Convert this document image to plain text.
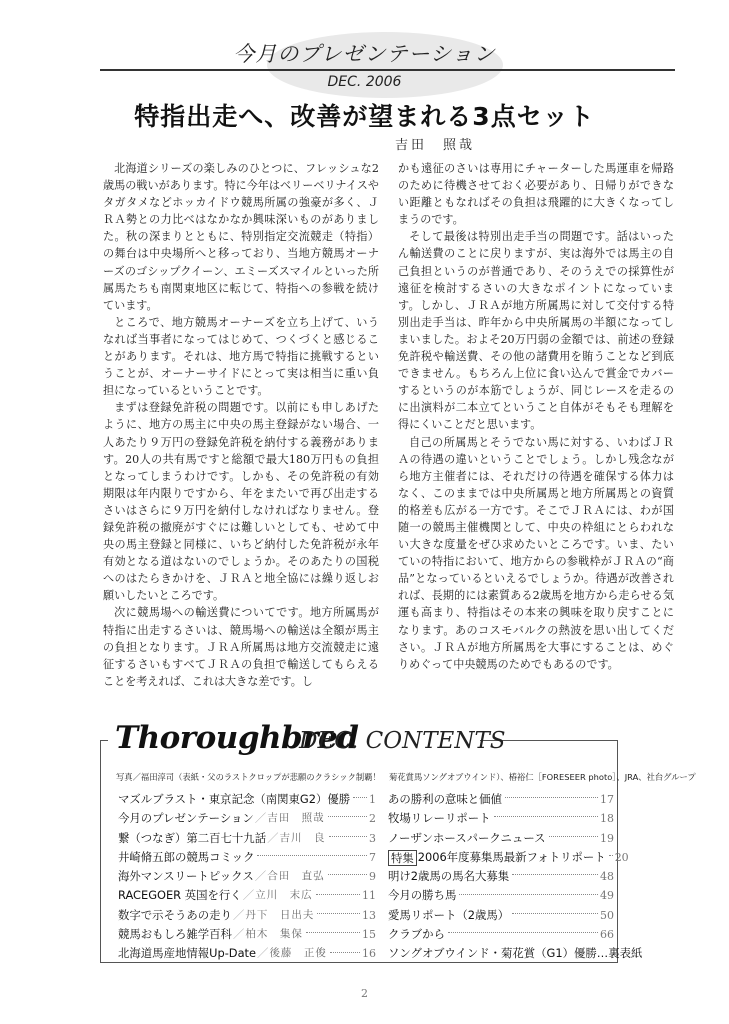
今月のプレゼンテーション
DEC. 2006
特指出走へ、改善が望まれる3点セット
吉田　照哉

北海道シリーズの楽しみのひとつに、フレッシュな2歳馬の戦いがあります。特に今年はベリーベリナイスやタガタメなどホッカイドウ競馬所属の強豪が多く、ＪＲＡ勢との力比べはなかなか興味深いものがありました。秋の深まりとともに、特別指定交流競走（特指）の舞台は中央場所へと移っており、当地方競馬オーナーズのゴシップクイーン、エミーズスマイルといった所属馬たちも南関東地区に転じて、特指への参戦を続けています。

ところで、地方競馬オーナーズを立ち上げて、いうなれば当事者になってはじめて、つくづくと感じることがあります。それは、地方馬で特指に挑戦するということが、オーナーサイドにとって実は相当に重い負担になっているということです。

まずは登録免許税の問題です。以前にも申しあげたように、地方の馬主に中央の馬主登録がない場合、一人あたり９万円の登録免許税を納付する義務があります。20人の共有馬ですと総額で最大180万円もの負担となってしまうわけです。しかも、その免許税の有効期限は年内限りですから、年をまたいで再び出走するさいはさらに９万円を納付しなければなりません。登録免許税の撤廃がすぐには難しいとしても、せめて中央の馬主登録と同様に、いちど納付した免許税が永年有効となる道はないのでしょうか。そのあたりの国税へのはたらきかけを、ＪＲＡと地全協には繰り返しお願いしたいところです。

次に競馬場への輸送費についてです。地方所属馬が特指に出走するさいは、競馬場への輸送は全額が馬主の負担となります。ＪＲＡ所属馬は地方交流競走に遠征するさいもすべてＪＲＡの負担で輸送してもらえることを考えれば、これは大きな差です。し

かも遠征のさいは専用にチャーターした馬運車を帰路のために待機させておく必要があり、日帰りができない距離ともなればその負担は飛躍的に大きくなってしまうのです。

そして最後は特別出走手当の問題です。話はいったん輸送費のことに戻りますが、実は海外では馬主の自己負担というのが普通であり、そのうえでの採算性が遠征を検討するさいの大きなポイントになっています。しかし、ＪＲＡが地方所属馬に対して交付する特別出走手当は、昨年から中央所属馬の半額になってしまいました。およそ20万円弱の金額では、前述の登録免許税や輸送費、その他の諸費用を賄うことなど到底できません。もちろん上位に食い込んで賞金でカバーするというのが本筋でしょうが、同じレースを走るのに出演料が二本立てということ自体がそもそも理解を得にくいことだと思います。

自己の所属馬とそうでない馬に対する、いわばＪＲＡの待遇の違いということでしょう。しかし残念ながら地方主催者には、それだけの待遇を確保する体力はなく、このままでは中央所属馬と地方所属馬との資質的格差も広がる一方です。そこでＪＲＡには、わが国随一の競馬主催機関として、中央の枠組にとらわれない大きな度量をぜひ求めたいところです。いま、たいていの特指において、地方からの参戦枠がＪＲＡの“商品”となっているといえるでしょうか。待遇が改善されれば、長期的には素質ある2歳馬を地方から走らせる気運も高まり、特指はその本来の興味を取り戻すことになります。あのコスモバルクの熱波を思い出してください。ＪＲＡが地方所属馬を大事にすることは、めぐりめぐって中央競馬のためでもあるのです。

Thoroughbred
DEC. CONTENTS
写真／福田淳司（表紙・父のラストクロップが悲願のクラシック制覇！　菊花賞馬ソングオブウインド）、椿裕仁［FORESEER photo］、JRA、社台グループ
マズルブラスト・東京記念（南関東G2）優勝 1
今月のプレゼンテーション ／ 吉田　照哉	2
繋（つなぎ）第二百七十九話 ／ 吉川　良	3
井崎脩五郎の競馬コミック	7
海外マンスリートピックス ／ 合田　直弘	9
RACEGOER 英国を行く ／ 立川　末広	11
数字で示そうあの走り ／ 丹下　日出夫	13
競馬おもしろ雑学百科 ／ 柏木　集保	15
北海道馬産地情報Up-Date ／ 後藤　正俊	16
あの勝利の意味と価値	17
牧場リレーリポート	18
ノーザンホースパークニュース	19
特集 2006年度募集馬最新フォトリポート 20
明け2歳馬の馬名大募集	48
今月の勝ち馬	49
愛馬リポート（2歳馬）	50
クラブから	66
ソングオブウインド・菊花賞（G1）優勝…裏表紙
2
